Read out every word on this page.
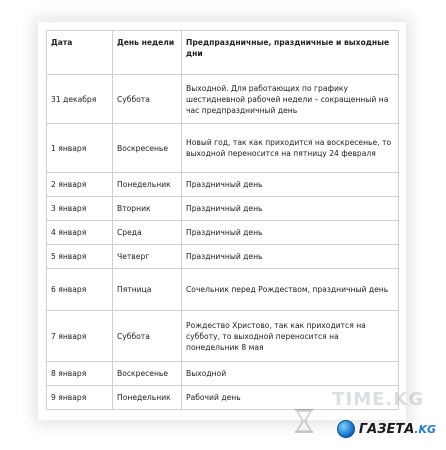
Дата	День недели	Предпраздничные, праздничные и выходные дни
31 декабря	Суббота	Выходной. Для работающих по графику шестидневной рабочей недели – сокращенный на час предпраздничный день
1 января	Воскресенье	Новый год, так как приходится на воскресенье, то выходной переносится на пятницу 24 февраля
2 января	Понедельник	Праздничный день
3 января	Вторник	Праздничный день
4 января	Среда	Праздничный день
5 января	Четверг	Праздничный день
6 января	Пятница	Сочельник перед Рождеством, праздничный день
7 января	Суббота	Рождество Христово, так как приходится на субботу, то выходной переносится на понедельник 8 мая
8 января	Воскресенье	Выходной
9 января	Понедельник	Рабочий день	TIME.KG
ГАЗЕТА .KG
